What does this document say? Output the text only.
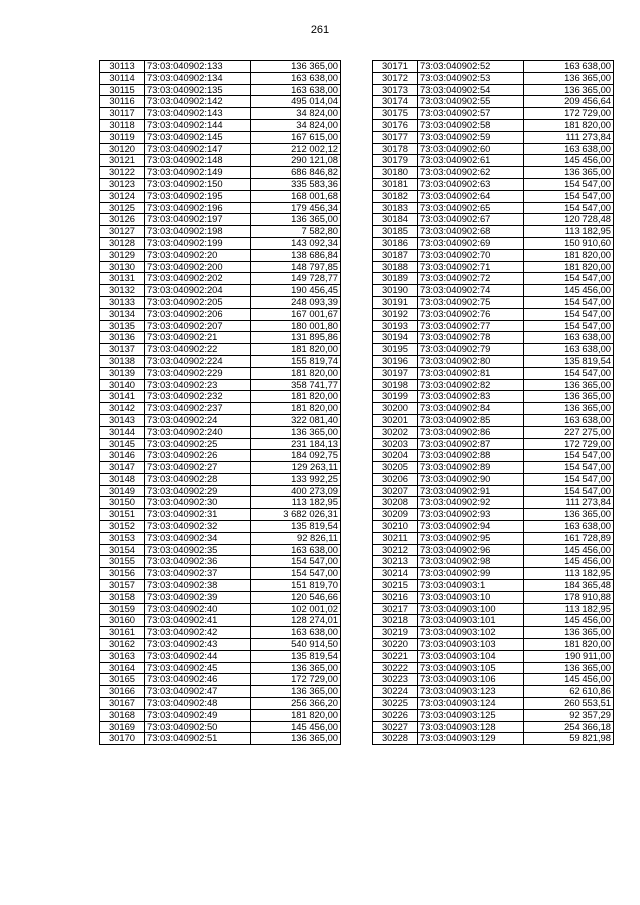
261
30113	73:03:040902:133	136 365,00
30114	73:03:040902:134	163 638,00
30115	73:03:040902:135	163 638,00
30116	73:03:040902:142	495 014,04
30117	73:03:040902:143	34 824,00
30118	73:03:040902:144	34 824,00
30119	73:03:040902:145	167 615,00
30120	73:03:040902:147	212 002,12
30121	73:03:040902:148	290 121,08
30122	73:03:040902:149	686 846,82
30123	73:03:040902:150	335 583,36
30124	73:03:040902:195	168 001,68
30125	73:03:040902:196	179 456,34
30126	73:03:040902:197	136 365,00
30127	73:03:040902:198	7 582,80
30128	73:03:040902:199	143 092,34
30129	73:03:040902:20	138 686,84
30130	73:03:040902:200	148 797,85
30131	73:03:040902:202	149 728,77
30132	73:03:040902:204	190 456,45
30133	73:03:040902:205	248 093,39
30134	73:03:040902:206	167 001,67
30135	73:03:040902:207	180 001,80
30136	73:03:040902:21	131 895,86
30137	73:03:040902:22	181 820,00
30138	73:03:040902:224	155 819,74
30139	73:03:040902:229	181 820,00
30140	73:03:040902:23	358 741,77
30141	73:03:040902:232	181 820,00
30142	73:03:040902:237	181 820,00
30143	73:03:040902:24	322 081,40
30144	73:03:040902:240	136 365,00
30145	73:03:040902:25	231 184,13
30146	73:03:040902:26	184 092,75
30147	73:03:040902:27	129 263,11
30148	73:03:040902:28	133 992,25
30149	73:03:040902:29	400 273,09
30150	73:03:040902:30	113 182,95
30151	73:03:040902:31	3 682 026,31
30152	73:03:040902:32	135 819,54
30153	73:03:040902:34	92 826,11
30154	73:03:040902:35	163 638,00
30155	73:03:040902:36	154 547,00
30156	73:03:040902:37	154 547,00
30157	73:03:040902:38	151 819,70
30158	73:03:040902:39	120 546,66
30159	73:03:040902:40	102 001,02
30160	73:03:040902:41	128 274,01
30161	73:03:040902:42	163 638,00
30162	73:03:040902:43	540 914,50
30163	73:03:040902:44	135 819,54
30164	73:03:040902:45	136 365,00
30165	73:03:040902:46	172 729,00
30166	73:03:040902:47	136 365,00
30167	73:03:040902:48	256 366,20
30168	73:03:040902:49	181 820,00
30169	73:03:040902:50	145 456,00
30170	73:03:040902:51	136 365,00
30171	73:03:040902:52	163 638,00
30172	73:03:040902:53	136 365,00
30173	73:03:040902:54	136 365,00
30174	73:03:040902:55	209 456,64
30175	73:03:040902:57	172 729,00
30176	73:03:040902:58	181 820,00
30177	73:03:040902:59	111 273,84
30178	73:03:040902:60	163 638,00
30179	73:03:040902:61	145 456,00
30180	73:03:040902:62	136 365,00
30181	73:03:040902:63	154 547,00
30182	73:03:040902:64	154 547,00
30183	73:03:040902:65	154 547,00
30184	73:03:040902:67	120 728,48
30185	73:03:040902:68	113 182,95
30186	73:03:040902:69	150 910,60
30187	73:03:040902:70	181 820,00
30188	73:03:040902:71	181 820,00
30189	73:03:040902:72	154 547,00
30190	73:03:040902:74	145 456,00
30191	73:03:040902:75	154 547,00
30192	73:03:040902:76	154 547,00
30193	73:03:040902:77	154 547,00
30194	73:03:040902:78	163 638,00
30195	73:03:040902:79	163 638,00
30196	73:03:040902:80	135 819,54
30197	73:03:040902:81	154 547,00
30198	73:03:040902:82	136 365,00
30199	73:03:040902:83	136 365,00
30200	73:03:040902:84	136 365,00
30201	73:03:040902:85	163 638,00
30202	73:03:040902:86	227 275,00
30203	73:03:040902:87	172 729,00
30204	73:03:040902:88	154 547,00
30205	73:03:040902:89	154 547,00
30206	73:03:040902:90	154 547,00
30207	73:03:040902:91	154 547,00
30208	73:03:040902:92	111 273,84
30209	73:03:040902:93	136 365,00
30210	73:03:040902:94	163 638,00
30211	73:03:040902:95	161 728,89
30212	73:03:040902:96	145 456,00
30213	73:03:040902:98	145 456,00
30214	73:03:040902:99	113 182,95
30215	73:03:040903:1	184 365,48
30216	73:03:040903:10	178 910,88
30217	73:03:040903:100	113 182,95
30218	73:03:040903:101	145 456,00
30219	73:03:040903:102	136 365,00
30220	73:03:040903:103	181 820,00
30221	73:03:040903:104	190 911,00
30222	73:03:040903:105	136 365,00
30223	73:03:040903:106	145 456,00
30224	73:03:040903:123	62 610,86
30225	73:03:040903:124	260 553,51
30226	73:03:040903:125	92 357,29
30227	73:03:040903:128	254 366,18
30228	73:03:040903:129	59 821,98
